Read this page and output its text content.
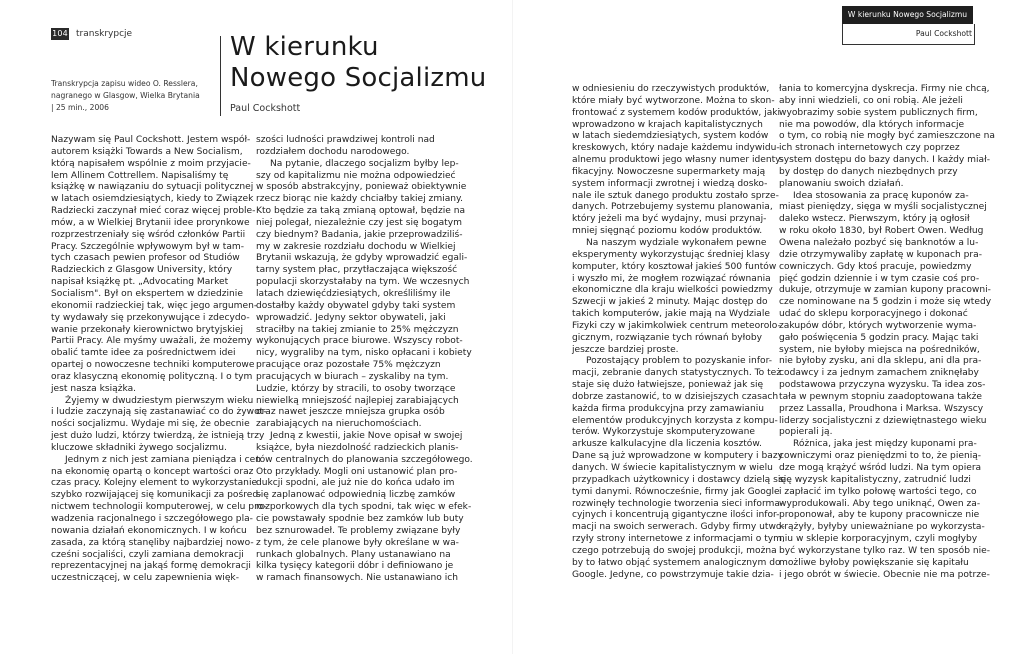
104 transkrypcje
Transkrypcja zapisu wideo O. Resslera,
nagranego w Glasgow, Wielka Brytania
| 25 min., 2006
W kierunku
Nowego Socjalizmu
Paul Cockshott
W kierunku Nowego Socjalizmu
Paul Cockshott
Nazywam się Paul Cockshott. Jestem współ-
autorem książki Towards a New Socialism,
którą napisałem wspólnie z moim przyjacie-
lem Allinem Cottrellem. Napisaliśmy tę
książkę w nawiązaniu do sytuacji politycznej
w latach osiemdziesiątych, kiedy to Związek
Radziecki zaczynał mieć coraz więcej proble-
mów, a w Wielkiej Brytanii idee prorynkowe
rozprzestrzeniały się wśród członków Partii
Pracy. Szczególnie wpływowym był w tam-
tych czasach pewien profesor od Studiów
Radzieckich z Glasgow University, który
napisał książkę pt. „Advocating Market
Socialism". Był on ekspertem w dziedzinie
ekonomii radzieckiej tak, więc jego argumen-
ty wydawały się przekonywujące i zdecydo-
wanie przekonały kierownictwo brytyjskiej
Partii Pracy. Ale myśmy uważali, że możemy
obalić tamte idee za pośrednictwem idei
opartej o nowoczesne techniki komputerowe
oraz klasyczną ekonomię polityczną. I o tym
jest nasza książka.
Żyjemy w dwudziestym pierwszym wieku
i ludzie zaczynają się zastanawiać co do żywot-
ności socjalizmu. Wydaje mi się, że obecnie
jest dużo ludzi, którzy twierdzą, że istnieją trzy
kluczowe składniki żywego socjalizmu.
Jednym z nich jest zamiana pieniądza i cen
na ekonomię opartą o koncept wartości oraz
czas pracy. Kolejny element to wykorzystanie
szybko rozwijającej się komunikacji za pośred-
nictwem technologii komputerowej, w celu pro-
wadzenia racjonalnego i szczegółowego pla-
nowania działań ekonomicznych. I w końcu
zasada, za którą stanęliby najbardziej nowo-
cześni socjaliści, czyli zamiana demokracji
reprezentacyjnej na jakąś formę demokracji
uczestniczącej, w celu zapewnienia więk-
szości ludności prawdziwej kontroli nad
rozdziałem dochodu narodowego.
Na pytanie, dlaczego socjalizm byłby lep-
szy od kapitalizmu nie można odpowiedzieć
w sposób abstrakcyjny, ponieważ obiektywnie
rzecz biorąc nie każdy chciałby takiej zmiany.
Kto będzie za taką zmianą optował, będzie na
niej polegał, niezależnie czy jest się bogatym
czy biednym? Badania, jakie przeprowadziliś-
my w zakresie rozdziału dochodu w Wielkiej
Brytanii wskazują, że gdyby wprowadzić egali-
tarny system płac, przytłaczająca większość
populacji skorzystałaby na tym. We wczesnych
latach dziewięćdziesiątych, określiliśmy ile
dostałby każdy obywatel gdyby taki system
wprowadzić. Jedyny sektor obywateli, jaki
straciłby na takiej zmianie to 25% mężczyzn
wykonujących prace biurowe. Wszyscy robot-
nicy, wygraliby na tym, nisko opłacani i kobiety
pracujące oraz pozostałe 75% mężczyzn
pracujących w biurach – zyskaliby na tym.
Ludzie, którzy by stracili, to osoby tworzące
niewielką mniejszość najlepiej zarabiających
oraz nawet jeszcze mniejsza grupka osób
zarabiających na nieruchomościach.
Jedną z kwestii, jakie Nove opisał w swojej
książce, była niezdolność radzieckich planis-
tów centralnych do planowania szczegółowego.
Oto przykłady. Mogli oni ustanowić plan pro-
dukcji spodni, ale już nie do końca udało im
się zaplanować odpowiednią liczbę zamków
rozporkowych dla tych spodni, tak więc w efek-
cie powstawały spodnie bez zamków lub buty
bez sznurowadeł. Te problemy związane były
z tym, że cele planowe były określane w wa-
runkach globalnych. Plany ustanawiano na
kilka tysięcy kategorii dóbr i definiowano je
w ramach finansowych. Nie ustanawiano ich
w odniesieniu do rzeczywistych produktów,
które miały być wytworzone. Można to skon-
frontować z systemem kodów produktów, jaki
wprowadzono w krajach kapitalistycznych
w latach siedemdziesiątych, system kodów
kreskowych, który nadaje każdemu indywidu-
alnemu produktowi jego własny numer identy-
fikacyjny. Nowoczesne supermarkety mają
system informacji zwrotnej i wiedzą dosko-
nale ile sztuk danego produktu zostało sprze-
danych. Potrzebujemy systemu planowania,
który jeżeli ma być wydajny, musi przynaj-
mniej sięgnąć poziomu kodów produktów.
Na naszym wydziale wykonałem pewne
eksperymenty wykorzystując średniej klasy
komputer, który kosztował jakieś 500 funtów
i wyszło mi, że mogłem rozwiązać równania
ekonomiczne dla kraju wielkości powiedzmy
Szwecji w jakieś 2 minuty. Mając dostęp do
takich komputerów, jakie mają na Wydziale
Fizyki czy w jakimkolwiek centrum meteorolo-
gicznym, rozwiązanie tych równań byłoby
jeszcze bardziej proste.
Pozostający problem to pozyskanie infor-
macji, zebranie danych statystycznych. To też
staje się dużo łatwiejsze, ponieważ jak się
dobrze zastanowić, to w dzisiejszych czasach
każda firma produkcyjna przy zamawianiu
elementów produkcyjnych korzysta z kompu-
terów. Wykorzystuje skomputeryzowane
arkusze kalkulacyjne dla liczenia kosztów.
Dane są już wprowadzone w komputery i bazy
danych. W świecie kapitalistycznym w wielu
przypadkach użytkownicy i dostawcy dzielą się
tymi danymi. Równocześnie, firmy jak Google
rozwinęły technologie tworzenia sieci informa-
cyjnych i koncentrują gigantyczne ilości infor-
macji na swoich serwerach. Gdyby firmy utwo-
rzyły strony internetowe z informacjami o tym,
czego potrzebują do swojej produkcji, można
by to łatwo objąć systemem analogicznym do
Google. Jedyne, co powstrzymuje takie dzia-
łania to komercyjna dyskrecja. Firmy nie chcą,
aby inni wiedzieli, co oni robią. Ale jeżeli
wyobrazimy sobie system publicznych firm,
nie ma powodów, dla których informacje
o tym, co robią nie mogły być zamieszczone na
ich stronach internetowych czy poprzez
system dostępu do bazy danych. I każdy miał-
by dostęp do danych niezbędnych przy
planowaniu swoich działań.
Idea stosowania za pracę kuponów za-
miast pieniędzy, sięga w myśli socjalistycznej
daleko wstecz. Pierwszym, który ją ogłosił
w roku około 1830, był Robert Owen. Według
Owena należało pozbyć się banknotów a lu-
dzie otrzymywaliby zapłatę w kuponach pra-
cowniczych. Gdy ktoś pracuje, powiedzmy
pięć godzin dziennie i w tym czasie coś pro-
dukuje, otrzymuje w zamian kupony pracowni-
cze nominowane na 5 godzin i może się wtedy
udać do sklepu korporacyjnego i dokonać
zakupów dóbr, których wytworzenie wyma-
gało poświęcenia 5 godzin pracy. Mając taki
system, nie byłoby miejsca na pośredników,
nie byłoby zysku, ani dla sklepu, ani dla pra-
codawcy i za jednym zamachem zniknęłaby
podstawowa przyczyna wyzysku. Ta idea zos-
tała w pewnym stopniu zaadoptowana także
przez Lassalla, Proudhona i Marksa. Wszyscy
liderzy socjalistyczni z dziewiętnastego wieku
popierali ją.
Różnica, jaka jest między kuponami pra-
cowniczymi oraz pieniędzmi to to, że pienią-
dze mogą krążyć wśród ludzi. Na tym opiera
się wyzysk kapitalistyczny, zatrudnić ludzi
i zapłacić im tylko połowę wartości tego, co
wyprodukowali. Aby tego uniknąć, Owen za-
proponował, aby te kupony pracownicze nie
krążyły, byłyby unieważniane po wykorzysta-
niu w sklepie korporacyjnym, czyli mogłyby
być wykorzystane tylko raz. W ten sposób nie-
możliwe byłoby powiększanie się kapitału
i jego obrót w świecie. Obecnie nie ma potrze-
